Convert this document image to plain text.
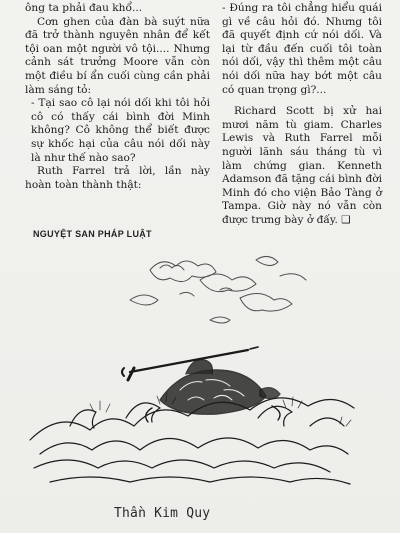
ông ta phải đau khổ...

Cơn ghen của đàn bà suýt nữa đã trở thành nguyên nhân để kết tội oan một người vô tội.... Nhưng cảnh sát trưởng Moore vẫn còn một điều bí ẩn cuối cùng cần phải làm sáng tỏ:

- Tại sao cô lại nói dối khi tôi hỏi cô có thấy cái bình đời Minh không? Cô không thể biết được sự khốc hại của câu nói dối này là như thế nào sao?

Ruth Farrel trả lời, lần này hoàn toàn thành thật:

- Đúng ra tôi chẳng hiểu quái gì về câu hỏi đó. Nhưng tôi đã quyết định cứ nói dối. Và lại từ đầu đến cuối tôi toàn nói dối, vậy thì thêm một câu nói dối nữa hay bớt một câu có quan trọng gì?...

Richard Scott bị xử hai mươi năm tù giam. Charles Lewis và Ruth Farrel mỗi người lãnh sáu tháng tù vì làm chứng gian. Kenneth Adamson đã tặng cái bình đời Minh đó cho viện Bảo Tàng ở Tampa. Giờ này nó vẫn còn được trưng bày ở đấy. ❑

NGUYỆT SAN PHÁP LUẬT
Thần Kim Quy
